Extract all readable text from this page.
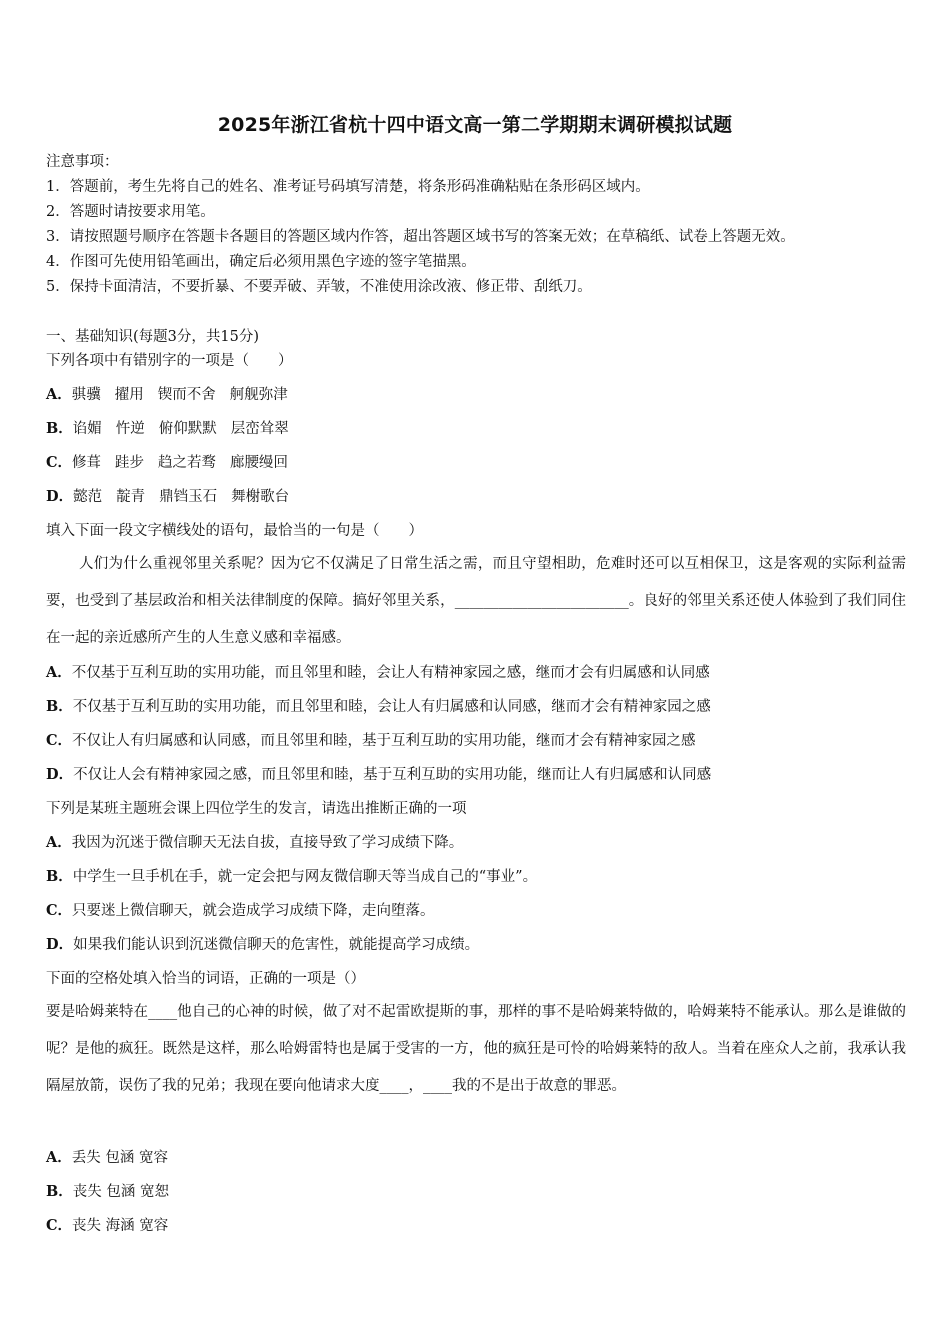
2025年浙江省杭十四中语文高一第二学期期末调研模拟试题
注意事项：
1．答题前，考生先将自己的姓名、准考证号码填写清楚，将条形码准确粘贴在条形码区域内。
2．答题时请按要求用笔。
3．请按照题号顺序在答题卡各题目的答题区域内作答，超出答题区域书写的答案无效；在草稿纸、试卷上答题无效。
4．作图可先使用铅笔画出，确定后必须用黑色字迹的签字笔描黑。
5．保持卡面清洁，不要折暴、不要弄破、弄皱，不准使用涂改液、修正带、刮纸刀。
一、基础知识(每题3分，共15分)
下列各项中有错别字的一项是（　　）
A．骐骥 擢用 锲而不舍 舸舰弥津
B．谄媚 忤逆 俯仰默默 层峦耸翠
C．修葺 跬步 趋之若骛 廊腰缦回
D．懿范 靛青 鼎铛玉石 舞榭歌台
填入下面一段文字横线处的语句，最恰当的一句是（　　）
人们为什么重视邻里关系呢？因为它不仅满足了日常生活之需，而且守望相助，危难时还可以互相保卫，这是客观的实际利益需要，也受到了基层政治和相关法律制度的保障。搞好邻里关系，________________________。良好的邻里关系还使人体验到了我们同住在一起的亲近感所产生的人生意义感和幸福感。
A．不仅基于互利互助的实用功能，而且邻里和睦，会让人有精神家园之感，继而才会有归属感和认同感
B．不仅基于互利互助的实用功能，而且邻里和睦，会让人有归属感和认同感，继而才会有精神家园之感
C．不仅让人有归属感和认同感，而且邻里和睦，基于互利互助的实用功能，继而才会有精神家园之感
D．不仅让人会有精神家园之感，而且邻里和睦，基于互利互助的实用功能，继而让人有归属感和认同感
下列是某班主题班会课上四位学生的发言，请选出推断正确的一项
A．我因为沉迷于微信聊天无法自拔，直接导致了学习成绩下降。
B．中学生一旦手机在手，就一定会把与网友微信聊天等当成自己的“事业”。
C．只要迷上微信聊天，就会造成学习成绩下降，走向堕落。
D．如果我们能认识到沉迷微信聊天的危害性，就能提高学习成绩。
下面的空格处填入恰当的词语，正确的一项是（）
要是哈姆莱特在____他自己的心神的时候，做了对不起雷欧提斯的事，那样的事不是哈姆莱特做的，哈姆莱特不能承认。那么是谁做的呢？是他的疯狂。既然是这样，那么哈姆雷特也是属于受害的一方，他的疯狂是可怜的哈姆莱特的敌人。当着在座众人之前，我承认我隔屋放箭，误伤了我的兄弟；我现在要向他请求大度____，____我的不是出于故意的罪恶。
A．丢失 包涵 宽容
B．丧失 包涵 宽恕
C．丧失 海涵 宽容
